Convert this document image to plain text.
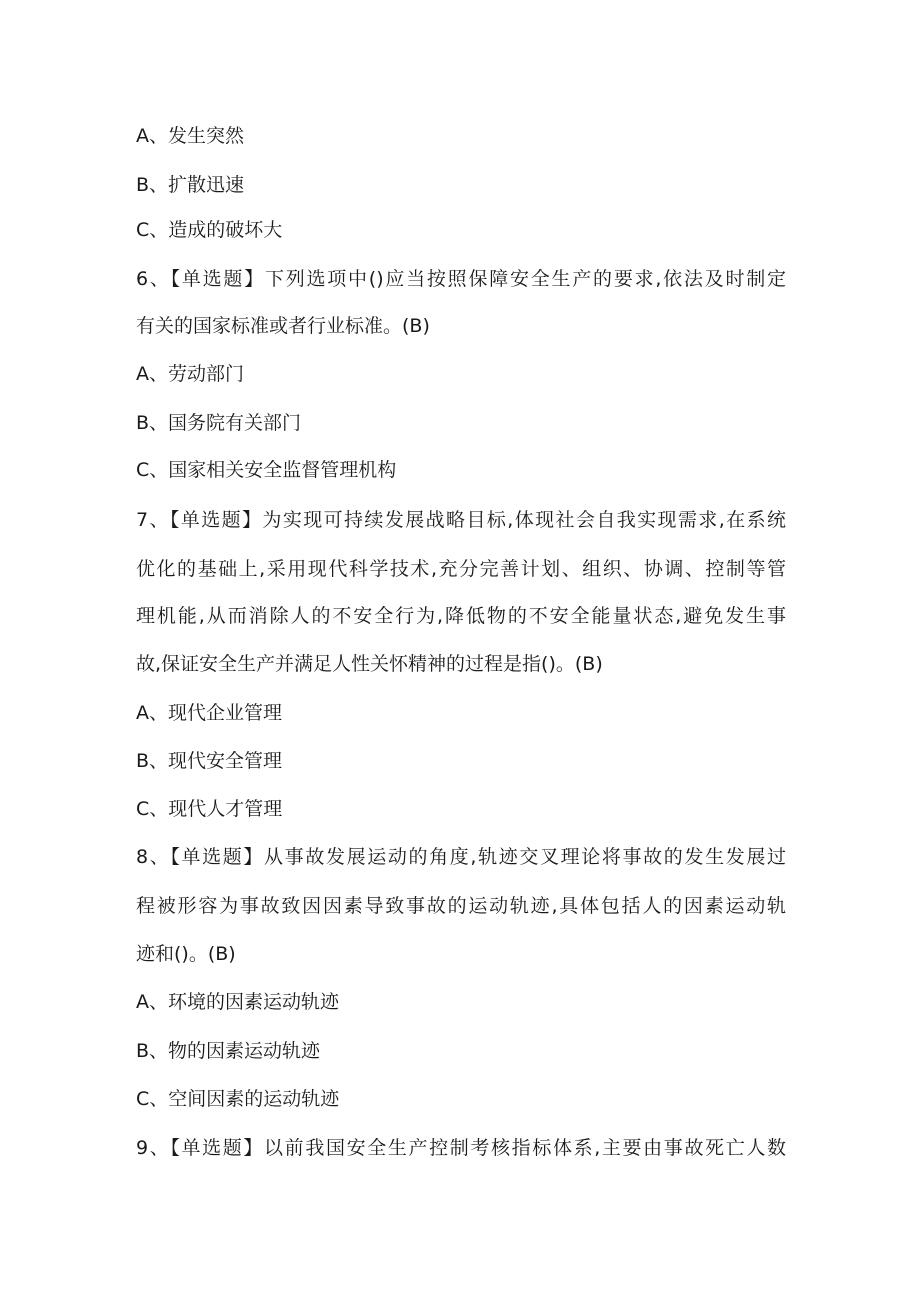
A、发生突然
B、扩散迅速
C、造成的破坏大
6、【单选题】下列选项中()应当按照保障安全生产的要求,依法及时制定
有关的国家标准或者行业标准。(B)
A、劳动部门
B、国务院有关部门
C、国家相关安全监督管理机构
7、【单选题】为实现可持续发展战略目标,体现社会自我实现需求,在系统
优化的基础上,采用现代科学技术,充分完善计划、组织、协调、控制等管
理机能,从而消除人的不安全行为,降低物的不安全能量状态,避免发生事
故,保证安全生产并满足人性关怀精神的过程是指()。(B)
A、现代企业管理
B、现代安全管理
C、现代人才管理
8、【单选题】从事故发展运动的角度,轨迹交叉理论将事故的发生发展过
程被形容为事故致因因素导致事故的运动轨迹,具体包括人的因素运动轨
迹和()。(B)
A、环境的因素运动轨迹
B、物的因素运动轨迹
C、空间因素的运动轨迹
9、【单选题】以前我国安全生产控制考核指标体系,主要由事故死亡人数
